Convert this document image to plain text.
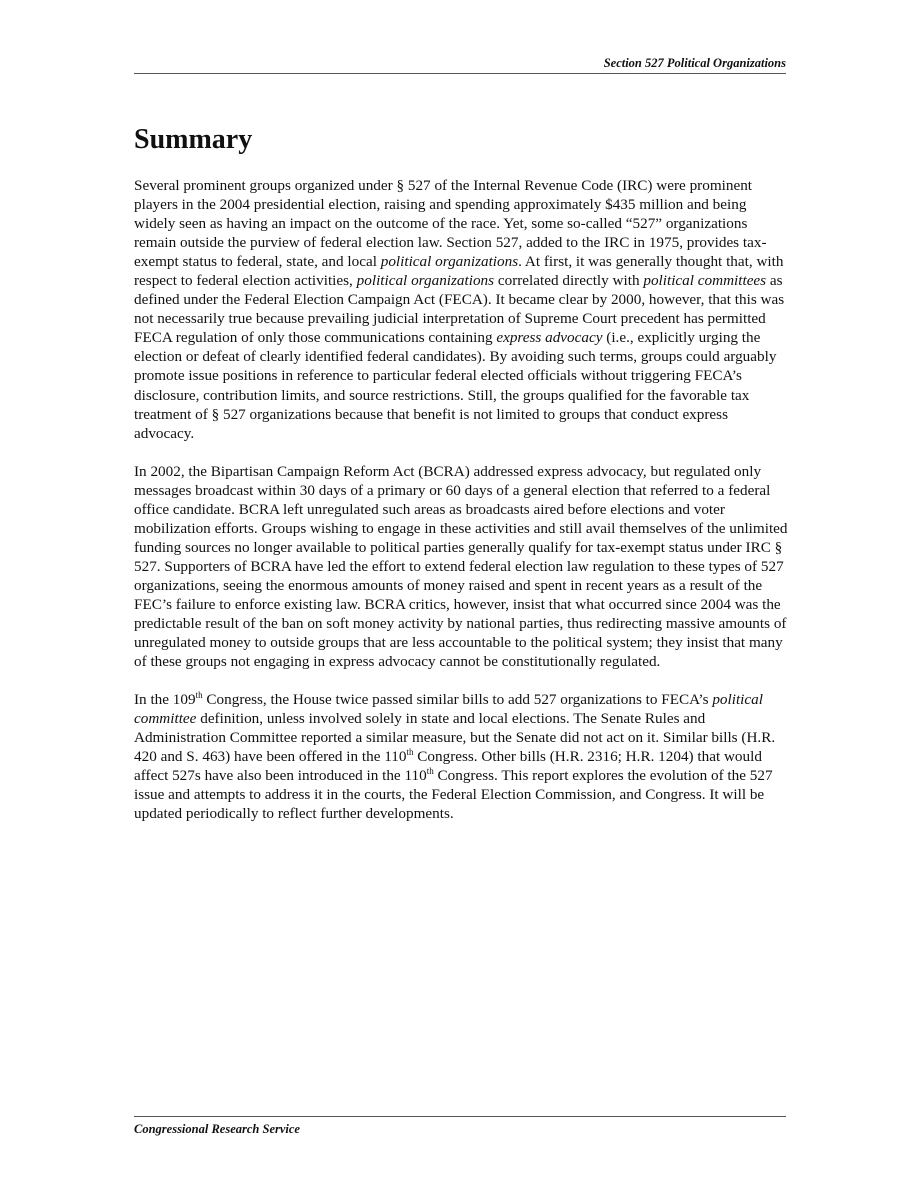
Section 527 Political Organizations
Summary

Several prominent groups organized under § 527 of the Internal Revenue Code (IRC) were prominent players in the 2004 presidential election, raising and spending approximately $435 million and being widely seen as having an impact on the outcome of the race. Yet, some so-called “527” organizations remain outside the purview of federal election law. Section 527, added to the IRC in 1975, provides tax-exempt status to federal, state, and local political organizations. At first, it was generally thought that, with respect to federal election activities, political organizations correlated directly with political committees as defined under the Federal Election Campaign Act (FECA). It became clear by 2000, however, that this was not necessarily true because prevailing judicial interpretation of Supreme Court precedent has permitted FECA regulation of only those communications containing express advocacy (i.e., explicitly urging the election or defeat of clearly identified federal candidates). By avoiding such terms, groups could arguably promote issue positions in reference to particular federal elected officials without triggering FECA’s disclosure, contribution limits, and source restrictions. Still, the groups qualified for the favorable tax treatment of § 527 organizations because that benefit is not limited to groups that conduct express advocacy.

In 2002, the Bipartisan Campaign Reform Act (BCRA) addressed express advocacy, but regulated only messages broadcast within 30 days of a primary or 60 days of a general election that referred to a federal office candidate. BCRA left unregulated such areas as broadcasts aired before elections and voter mobilization efforts. Groups wishing to engage in these activities and still avail themselves of the unlimited funding sources no longer available to political parties generally qualify for tax-exempt status under IRC § 527. Supporters of BCRA have led the effort to extend federal election law regulation to these types of 527 organizations, seeing the enormous amounts of money raised and spent in recent years as a result of the FEC’s failure to enforce existing law. BCRA critics, however, insist that what occurred since 2004 was the predictable result of the ban on soft money activity by national parties, thus redirecting massive amounts of unregulated money to outside groups that are less accountable to the political system; they insist that many of these groups not engaging in express advocacy cannot be constitutionally regulated.

In the 109th Congress, the House twice passed similar bills to add 527 organizations to FECA’s political committee definition, unless involved solely in state and local elections. The Senate Rules and Administration Committee reported a similar measure, but the Senate did not act on it. Similar bills (H.R. 420 and S. 463) have been offered in the 110th Congress. Other bills (H.R. 2316; H.R. 1204) that would affect 527s have also been introduced in the 110th Congress. This report explores the evolution of the 527 issue and attempts to address it in the courts, the Federal Election Commission, and Congress. It will be updated periodically to reflect further developments.

Congressional Research Service
